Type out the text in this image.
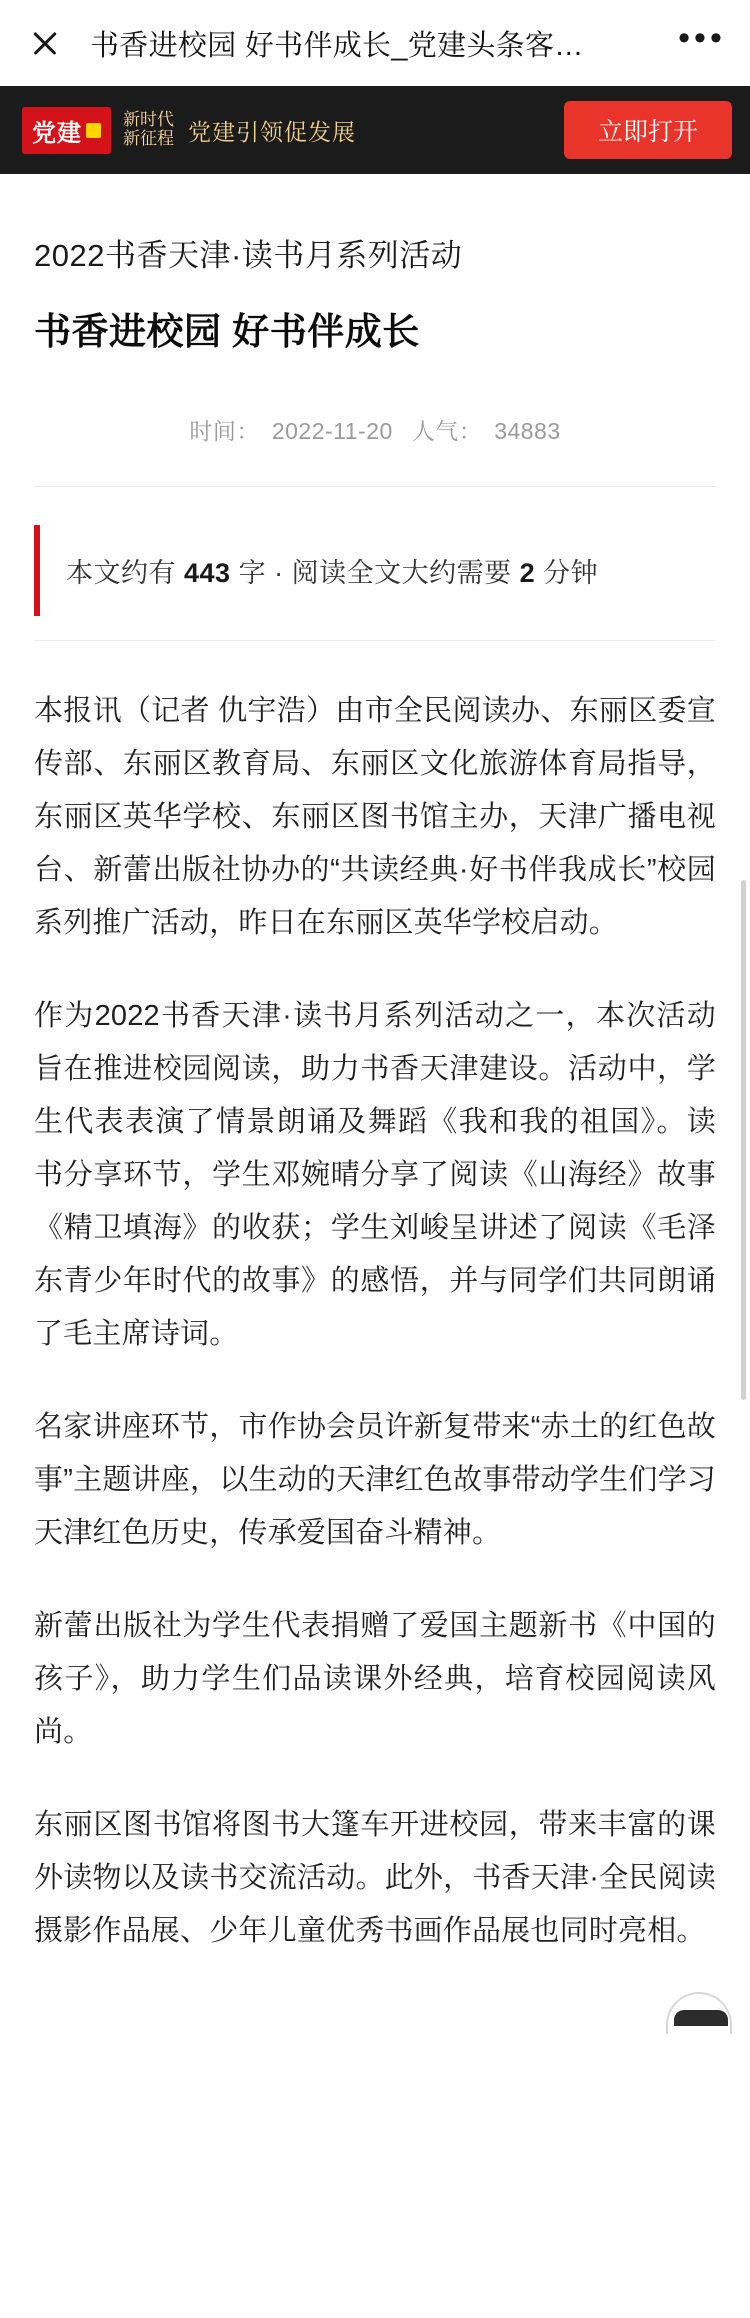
书香进校园 好书伴成长_党建头条客…	•••
党建 新时代
新征程 党建引领促发展	立即打开
2022书香天津·读书月系列活动
书香进校园 好书伴成长
时间： 2022-11-20 人气： 34883
本文约有 443 字 · 阅读全文大约需要 2 分钟

本报讯（记者 仇宇浩）由市全民阅读办、东丽区委宣传部、东丽区教育局、东丽区文化旅游体育局指导，东丽区英华学校、东丽区图书馆主办，天津广播电视台、新蕾出版社协办的“共读经典·好书伴我成长”校园系列推广活动，昨日在东丽区英华学校启动。

作为2022书香天津·读书月系列活动之一，本次活动旨在推进校园阅读，助力书香天津建设。活动中，学生代表表演了情景朗诵及舞蹈《我和我的祖国》。读书分享环节，学生邓婉晴分享了阅读《山海经》故事《精卫填海》的收获；学生刘峻呈讲述了阅读《毛泽东青少年时代的故事》的感悟，并与同学们共同朗诵了毛主席诗词。

名家讲座环节，市作协会员许新复带来“赤土的红色故事”主题讲座，以生动的天津红色故事带动学生们学习天津红色历史，传承爱国奋斗精神。

新蕾出版社为学生代表捐赠了爱国主题新书《中国的孩子》，助力学生们品读课外经典，培育校园阅读风尚。

东丽区图书馆将图书大篷车开进校园，带来丰富的课外读物以及读书交流活动。此外，书香天津·全民阅读摄影作品展、少年儿童优秀书画作品展也同时亮相。
